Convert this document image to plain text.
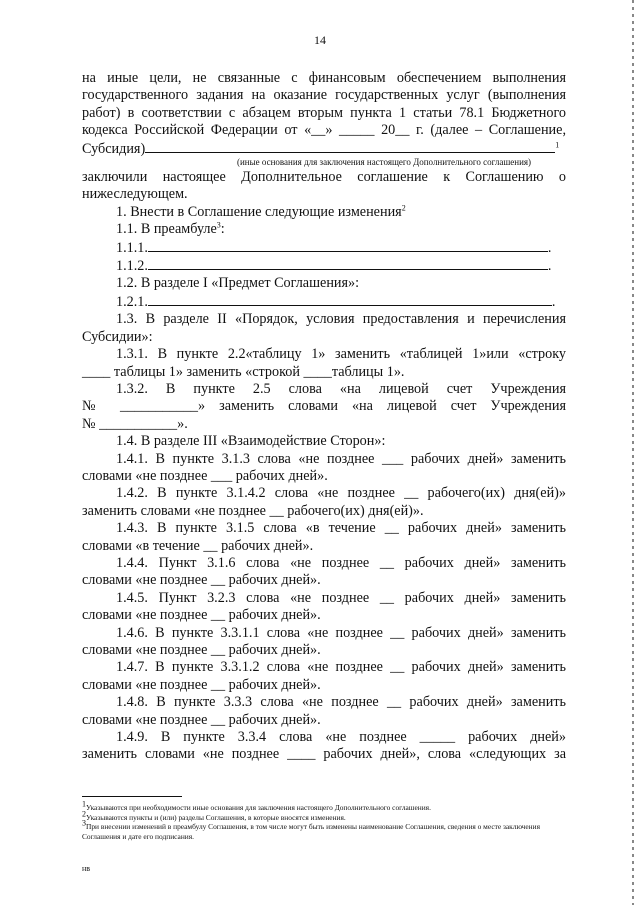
14

на иные цели, не связанные с финансовым обеспечением выполнения

государственного задания на оказание государственных услуг (выполнения

работ) в соответствии с абзацем вторым пункта 1 статьи 78.1 Бюджетного

кодекса Российской Федерации от «__» _____ 20__ г. (далее – Соглашение,

Субсидия)	$^1$

(иные основания для заключения настоящего Дополнительного соглашения)

заключили настоящее Дополнительное соглашение к Соглашению о

нижеследующем.

1. Внести в Соглашение следующие изменения$^2$

1.1. В преамбуле$^3$:

1.1.1.	.

1.1.2.	.

1.2. В разделе I «Предмет Соглашения»:

1.2.1.	.

1.3. В разделе II «Порядок, условия предоставления и перечисления

Субсидии»:

1.3.1. В пункте 2.2«таблицу 1» заменить «таблицей 1»или «строку

____ таблицы 1» заменить «строкой ____таблицы 1».

1.3.2. В пункте 2.5 слова «на лицевой счет Учреждения

№ ___________» заменить словами «на лицевой счет Учреждения

№ ___________».

1.4. В разделе III «Взаимодействие Сторон»:

1.4.1. В пункте 3.1.3 слова «не позднее ___ рабочих дней» заменить

словами «не позднее ___ рабочих дней».

1.4.2. В пункте 3.1.4.2 слова «не позднее __ рабочего(их) дня(ей)»

заменить словами «не позднее __ рабочего(их) дня(ей)».

1.4.3. В пункте 3.1.5 слова «в течение __ рабочих дней» заменить

словами «в течение __ рабочих дней».

1.4.4. Пункт 3.1.6 слова «не позднее __ рабочих дней» заменить

словами «не позднее __ рабочих дней».

1.4.5. Пункт 3.2.3 слова «не позднее __ рабочих дней» заменить

словами «не позднее __ рабочих дней».

1.4.6. В пункте 3.3.1.1 слова «не позднее __ рабочих дней» заменить

словами «не позднее __ рабочих дней».

1.4.7. В пункте 3.3.1.2 слова «не позднее __ рабочих дней» заменить

словами «не позднее __ рабочих дней».

1.4.8. В пункте 3.3.3 слова «не позднее __ рабочих дней» заменить

словами «не позднее __ рабочих дней».

1.4.9. В пункте 3.3.4 слова «не позднее _____ рабочих дней»

заменить словами «не позднее ____ рабочих дней», слова «следующих за

$^1$Указываются при необходимости иные основания для заключения настоящего Дополнительного соглашения.

$^2$Указываются пункты и (или) разделы Соглашения, в которые вносятся изменения.

$^3$При внесении изменений в преамбулу Соглашения, в том числе могут быть изменены наименование Соглашения, сведения о месте заключения Соглашения и дате его подписания.

нв
